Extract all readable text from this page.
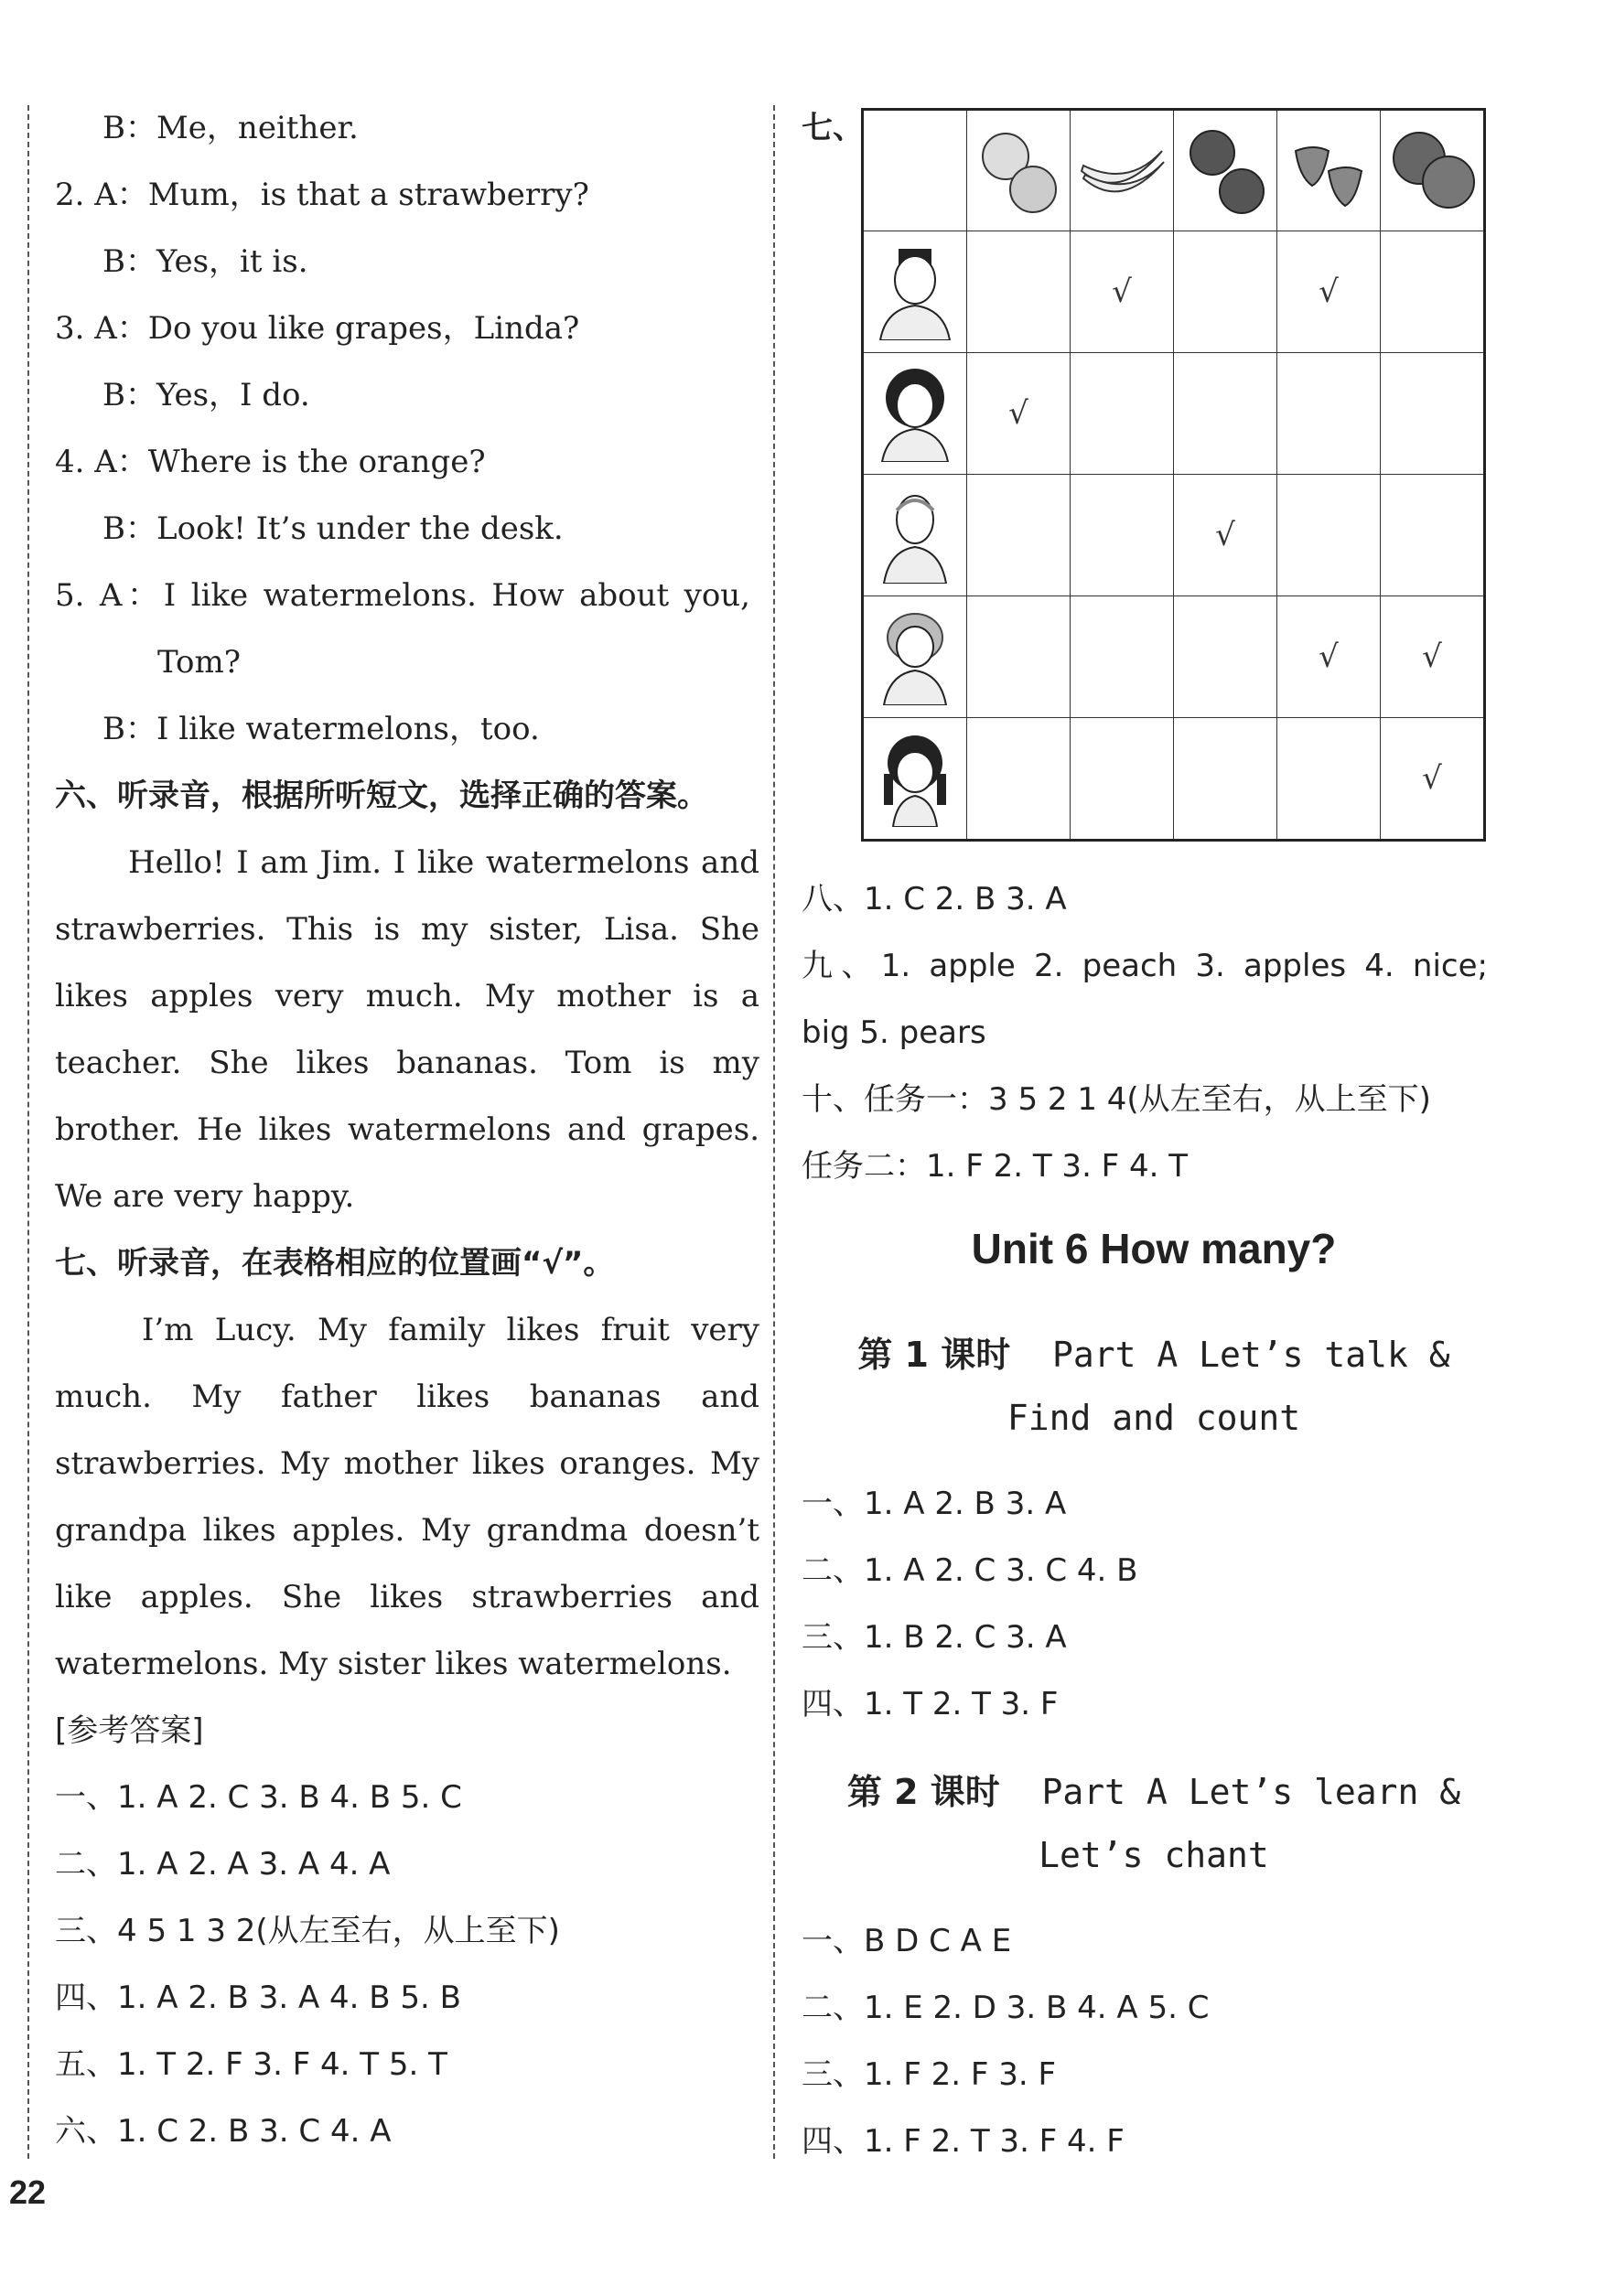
B：Me，neither.
2. A：Mum，is that a strawberry?
B：Yes，it is.
3. A：Do you like grapes，Linda?
B：Yes，I do.
4. A：Where is the orange?
B：Look! It’s under the desk.
5. A：I like watermelons. How about you,
Tom?
B：I like watermelons，too.
六、听录音，根据所听短文，选择正确的答案。
Hello! I am Jim. I like watermelons and
strawberries. This is my sister, Lisa. She
likes apples very much. My mother is a
teacher. She likes bananas. Tom is my
brother. He likes watermelons and grapes.
We are very happy.
七、听录音，在表格相应的位置画“√”。
I’m Lucy. My family likes fruit very
much. My father likes bananas and
strawberries. My mother likes oranges. My
grandpa likes apples. My grandma doesn’t
like apples. She likes strawberries and
watermelons. My sister likes watermelons.
[参考答案]
一、1. A 2. C 3. B 4. B 5. C
二、1. A 2. A 3. A 4. A
三、4 5 1 3 2(从左至右，从上至下)
四、1. A 2. B 3. A 4. B 5. B
五、1. T 2. F 3. F 4. T 5. T
六、1. C 2. B 3. C 4. A
七、

		√		√	
	√				
			√		
				√	√
					√
八、1. C 2. B 3. A
九、1. apple 2. peach 3. apples 4. nice;
big 5. pears
十、任务一：3 5 2 1 4(从左至右，从上至下)
任务二：1. F 2. T 3. F 4. T
Unit 6 How many?
第 1 课时 Part A Let’s talk &
Find and count
一、1. A 2. B 3. A
二、1. A 2. C 3. C 4. B
三、1. B 2. C 3. A
四、1. T 2. T 3. F
第 2 课时 Part A Let’s learn &
Let’s chant
一、B D C A E
二、1. E 2. D 3. B 4. A 5. C
三、1. F 2. F 3. F
四、1. F 2. T 3. F 4. F
22
